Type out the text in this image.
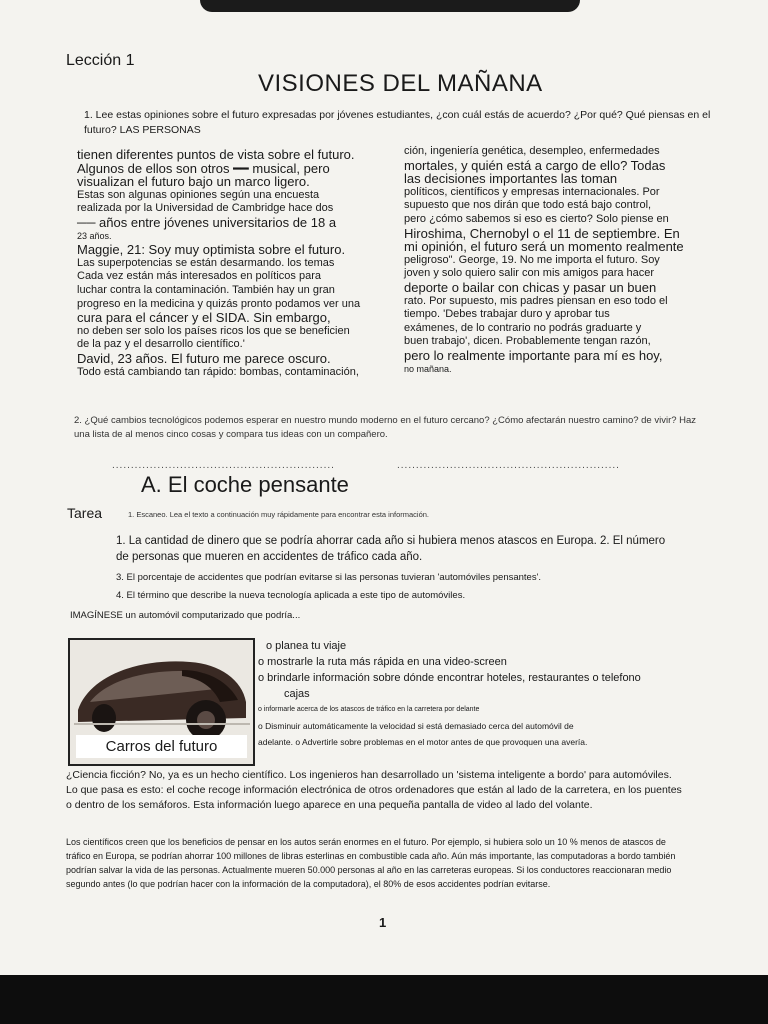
Lección 1
VISIONES DEL MAÑANA
1. Lee estas opiniones sobre el futuro expresadas por jóvenes estudiantes, ¿con cuál estás de acuerdo? ¿Por qué? Qué piensas en el futuro? LAS PERSONAS
tienen diferentes puntos de vista sobre el futuro.
Algunos de ellos son otros ━━ musical, pero
visualizan el futuro bajo un marco ligero.
Estas son algunas opiniones según una encuesta
realizada por la Universidad de Cambridge hace dos
── años entre jóvenes universitarios de 18 a
23 años.
Maggie, 21: Soy muy optimista sobre el futuro.
Las superpotencias se están desarmando. los temas
Cada vez están más interesados en políticos para
luchar contra la contaminación. También hay un gran
progreso en la medicina y quizás pronto podamos ver una
cura para el cáncer y el SIDA. Sin embargo,
no deben ser solo los países ricos los que se beneficien
de la paz y el desarrollo científico.'
David, 23 años. El futuro me parece oscuro.
Todo está cambiando tan rápido: bombas, contaminación,
ción, ingeniería genética, desempleo, enfermedades
mortales, y quién está a cargo de ello? Todas
las decisiones importantes las toman
políticos, científicos y empresas internacionales. Por
supuesto que nos dirán que todo está bajo control,
pero ¿cómo sabemos si eso es cierto? Solo piense en
Hiroshima, Chernobyl o el 11 de septiembre. En
mi opinión, el futuro será un momento realmente
peligroso". George, 19. No me importa el futuro. Soy
joven y solo quiero salir con mis amigos para hacer
deporte o bailar con chicas y pasar un buen
rato. Por supuesto, mis padres piensan en eso todo el
tiempo. 'Debes trabajar duro y aprobar tus
exámenes, de lo contrario no podrás graduarte y
buen trabajo', dicen. Probablemente tengan razón,
pero lo realmente importante para mí es hoy,
no mañana.
2. ¿Qué cambios tecnológicos podemos esperar en nuestro mundo moderno en el futuro cercano? ¿Cómo afectarán nuestro camino? de vivir? Haz una lista de al menos cinco cosas y compara tus ideas con un compañero.
...........................................................	...........................................................
A. El coche pensante
Tarea	1. Escaneo. Lea el texto a continuación muy rápidamente para encontrar esta información.
1. La cantidad de dinero que se podría ahorrar cada año si hubiera menos atascos en Europa. 2. El número de personas que mueren en accidentes de tráfico cada año.
3. El porcentaje de accidentes que podrían evitarse si las personas tuvieran 'automóviles pensantes'.
4. El término que describe la nueva tecnología aplicada a este tipo de automóviles.
IMAGÍNESE un automóvil computarizado que podría...
Carros del futuro
o planea tu viaje
o mostrarle la ruta más rápida en una video-screen
o brindarle información sobre dónde encontrar hoteles, restaurantes o telefono
cajas
o informarle acerca de los atascos de tráfico en la carretera por delante
o Disminuir automáticamente la velocidad si está demasiado cerca del automóvil de
adelante. o Advertirle sobre problemas en el motor antes de que provoquen una avería.
¿Ciencia ficción? No, ya es un hecho científico. Los ingenieros han desarrollado un 'sistema inteligente a bordo' para automóviles. Lo que pasa es esto: el coche recoge información electrónica de otros ordenadores que están al lado de la carretera, en los puentes o dentro de los semáforos. Esta información luego aparece en una pequeña pantalla de video al lado del volante.
Los científicos creen que los beneficios de pensar en los autos serán enormes en el futuro. Por ejemplo, si hubiera solo un 10 % menos de atascos de tráfico en Europa, se podrían ahorrar 100 millones de libras esterlinas en combustible cada año. Aún más importante, las computadoras a bordo también podrían salvar la vida de las personas. Actualmente mueren 50.000 personas al año en las carreteras europeas. Si los conductores reaccionaran medio segundo antes (lo que podrían hacer con la información de la computadora), el 80% de esos accidentes podrían evitarse.
1
